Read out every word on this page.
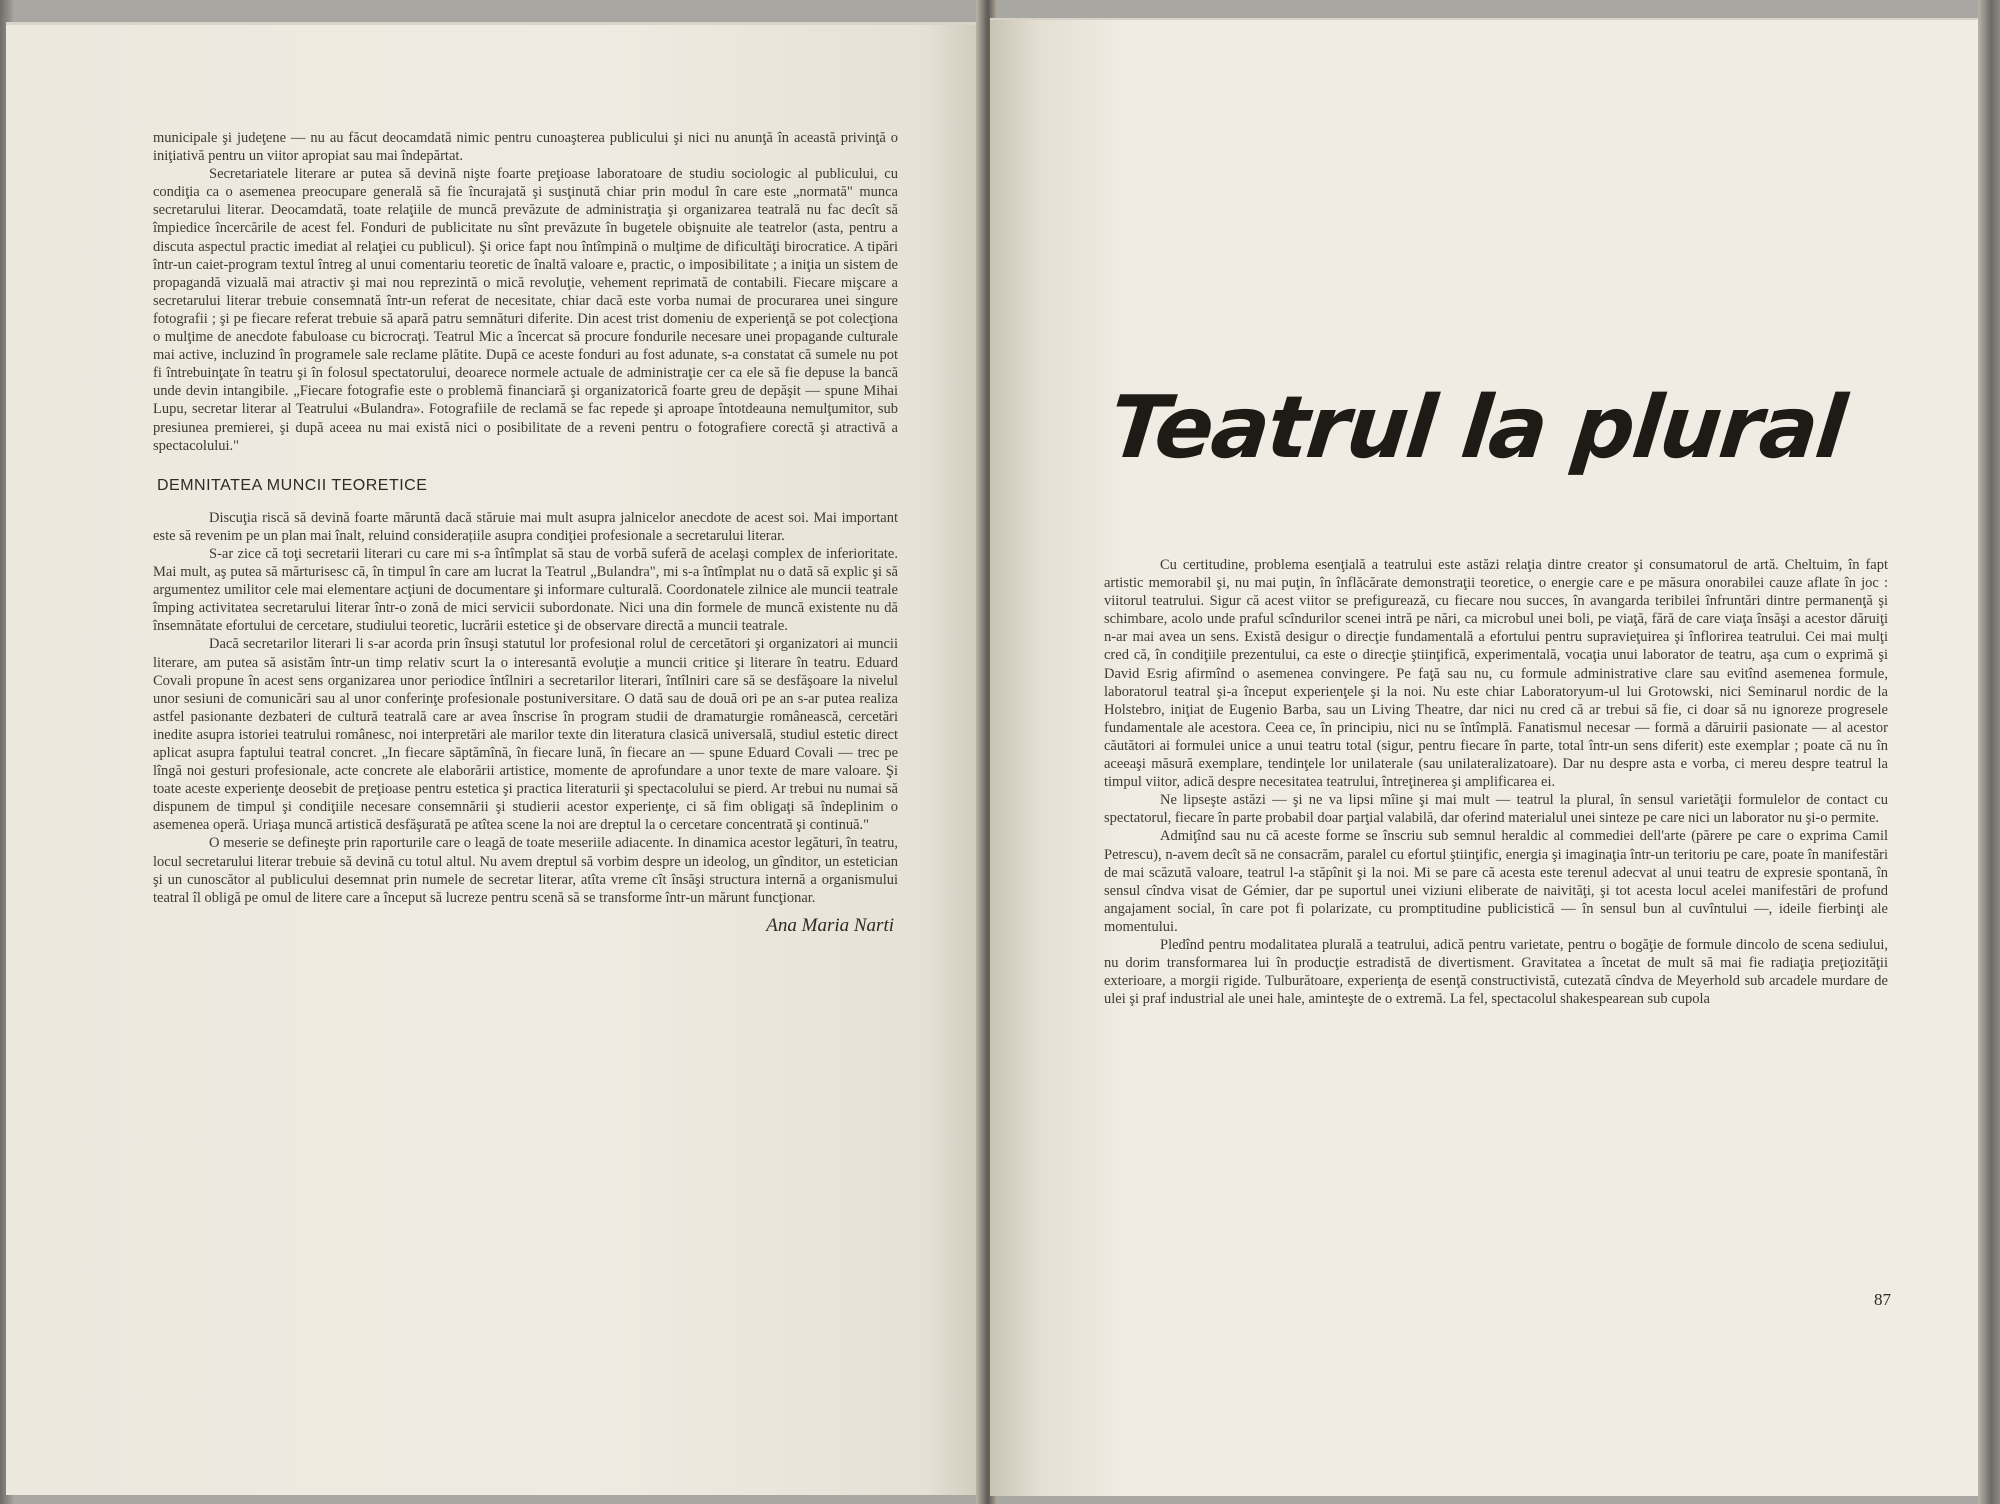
municipale şi judeţene — nu au făcut deocamdată nimic pentru cunoaşterea publicului şi nici nu anunţă în această privinţă o iniţiativă pentru un viitor apropiat sau mai îndepărtat.

Secretariatele literare ar putea să devină nişte foarte preţioase laboratoare de studiu sociologic al publicului, cu condiţia ca o asemenea preocupare generală să fie încurajată şi susţinută chiar prin modul în care este „normată" munca secretarului literar. Deocamdată, toate relaţiile de muncă prevăzute de administraţia şi organizarea teatrală nu fac decît să împiedice încercările de acest fel. Fonduri de publicitate nu sînt prevăzute în bugetele obişnuite ale teatrelor (asta, pentru a discuta aspectul practic imediat al relaţiei cu publicul). Şi orice fapt nou întîmpină o mulţime de dificultăţi birocratice. A tipări într-un caiet-program textul întreg al unui comentariu teoretic de înaltă valoare e, practic, o imposibilitate ; a iniţia un sistem de propagandă vizuală mai atractiv şi mai nou reprezintă o mică revoluţie, vehement reprimată de contabili. Fiecare mişcare a secretarului literar trebuie consemnată într-un referat de necesitate, chiar dacă este vorba numai de procurarea unei singure fotografii ; şi pe fiecare referat trebuie să apară patru semnături diferite. Din acest trist domeniu de experienţă se pot colecţiona o mulţime de anecdote fabuloase cu bicrocraţi. Teatrul Mic a încercat să procure fondurile necesare unei propagande culturale mai active, incluzind în programele sale reclame plătite. După ce aceste fonduri au fost adunate, s-a constatat că sumele nu pot fi întrebuinţate în teatru şi în folosul spectatorului, deoarece normele actuale de administraţie cer ca ele să fie depuse la bancă unde devin intangibile. „Fiecare fotografie este o problemă financiară şi organizatorică foarte greu de depăşit — spune Mihai Lupu, secretar literar al Teatrului «Bulandra». Fotografiile de reclamă se fac repede şi aproape întotdeauna nemulţumitor, sub presiunea premierei, şi după aceea nu mai există nici o posibilitate de a reveni pentru o fotografiere corectă şi atractivă a spectacolului."

DEMNITATEA MUNCII TEORETICE

Discuţia riscă să devină foarte măruntă dacă stăruie mai mult asupra jalnicelor anecdote de acest soi. Mai important este să revenim pe un plan mai înalt, reluind considerațiile asupra condiţiei profesionale a secretarului literar.

S-ar zice că toţi secretarii literari cu care mi s-a întîmplat să stau de vorbă suferă de acelaşi complex de inferioritate. Mai mult, aş putea să mărturisesc că, în timpul în care am lucrat la Teatrul „Bulandra", mi s-a întîmplat nu o dată să explic şi să argumentez umilitor cele mai elementare acţiuni de documentare şi informare culturală. Coordonatele zilnice ale muncii teatrale împing activitatea secretarului literar într-o zonă de mici servicii subordonate. Nici una din formele de muncă existente nu dă însemnătate efortului de cercetare, studiului teoretic, lucrării estetice şi de observare directă a muncii teatrale.

Dacă secretarilor literari li s-ar acorda prin însuşi statutul lor profesional rolul de cercetători şi organizatori ai muncii literare, am putea să asistăm într-un timp relativ scurt la o interesantă evoluţie a muncii critice şi literare în teatru. Eduard Covali propune în acest sens organizarea unor periodice întîlniri a secretarilor literari, întîlniri care să se desfăşoare la nivelul unor sesiuni de comunicări sau al unor conferinţe profesionale postuniversitare. O dată sau de două ori pe an s-ar putea realiza astfel pasionante dezbateri de cultură teatrală care ar avea înscrise în program studii de dramaturgie românească, cercetări inedite asupra istoriei teatrului românesc, noi interpretări ale marilor texte din literatura clasică universală, studiul estetic direct aplicat asupra faptului teatral concret. „In fiecare săptămînă, în fiecare lună, în fiecare an — spune Eduard Covali — trec pe lîngă noi gesturi profesionale, acte concrete ale elaborării artistice, momente de aprofundare a unor texte de mare valoare. Şi toate aceste experienţe deosebit de preţioase pentru estetica şi practica literaturii şi spectacolului se pierd. Ar trebui nu numai să dispunem de timpul şi condiţiile necesare consemnării şi studierii acestor experienţe, ci să fim obligaţi să îndeplinim o asemenea operă. Uriaşa muncă artistică desfăşurată pe atîtea scene la noi are dreptul la o cercetare concentrată şi continuă."

O meserie se defineşte prin raporturile care o leagă de toate meseriile adiacente. In dinamica acestor legături, în teatru, locul secretarului literar trebuie să devină cu totul altul. Nu avem dreptul să vorbim despre un ideolog, un gînditor, un estetician şi un cunoscător al publicului desemnat prin numele de secretar literar, atîta vreme cît însăşi structura internă a organismului teatral îl obligă pe omul de litere care a început să lucreze pentru scenă să se transforme într-un mărunt funcţionar.

Ana Maria Narti

Cu certitudine, problema esenţială a teatrului este astăzi relaţia dintre creator şi consumatorul de artă. Cheltuim, în fapt artistic memorabil şi, nu mai puţin, în înflăcărate demonstraţii teoretice, o energie care e pe măsura onorabilei cauze aflate în joc : viitorul teatrului. Sigur că acest viitor se prefigurează, cu fiecare nou succes, în avangarda teribilei înfruntări dintre permanenţă şi schimbare, acolo unde praful scîndurilor scenei intră pe nări, ca microbul unei boli, pe viaţă, fără de care viaţa însăşi a acestor dăruiţi n-ar mai avea un sens. Există desigur o direcţie fundamentală a efortului pentru supravieţuirea şi înflorirea teatrului. Cei mai mulţi cred că, în condiţiile prezentului, ca este o direcţie ştiinţifică, experimentală, vocaţia unui laborator de teatru, aşa cum o exprimă şi David Esrig afirmînd o asemenea convingere. Pe faţă sau nu, cu formule administrative clare sau evitînd asemenea formule, laboratorul teatral şi-a început experienţele şi la noi. Nu este chiar Laboratoryum-ul lui Grotowski, nici Seminarul nordic de la Holstebro, iniţiat de Eugenio Barba, sau un Living Theatre, dar nici nu cred că ar trebui să fie, ci doar să nu ignoreze progresele fundamentale ale acestora. Ceea ce, în principiu, nici nu se întîmplă. Fanatismul necesar — formă a dăruirii pasionate — al acestor căutători ai formulei unice a unui teatru total (sigur, pentru fiecare în parte, total într-un sens diferit) este exemplar ; poate că nu în aceeaşi măsură exemplare, tendinţele lor unilaterale (sau unilateralizatoare). Dar nu despre asta e vorba, ci mereu despre teatrul la timpul viitor, adică despre necesitatea teatrului, întreţinerea şi amplificarea ei.

Ne lipseşte astăzi — şi ne va lipsi mîine şi mai mult — teatrul la plural, în sensul varietăţii formulelor de contact cu spectatorul, fiecare în parte probabil doar parţial valabilă, dar oferind materialul unei sinteze pe care nici un laborator nu şi-o permite.

Admiţînd sau nu că aceste forme se înscriu sub semnul heraldic al commediei dell'arte (părere pe care o exprima Camil Petrescu), n-avem decît să ne consacrăm, paralel cu efortul ştiinţific, energia şi imaginaţia într-un teritoriu pe care, poate în manifestări de mai scăzută valoare, teatrul l-a stăpînit şi la noi. Mi se pare că acesta este terenul adecvat al unui teatru de expresie spontană, în sensul cîndva visat de Gémier, dar pe suportul unei viziuni eliberate de naivităţi, şi tot acesta locul acelei manifestări de profund angajament social, în care pot fi polarizate, cu promptitudine publicistică — în sensul bun al cuvîntului —, ideile fierbinţi ale momentului.

Pledînd pentru modalitatea plurală a teatrului, adică pentru varietate, pentru o bogăţie de formule dincolo de scena sediului, nu dorim transformarea lui în producţie estradistă de divertisment. Gravitatea a încetat de mult să mai fie radiaţia preţiozităţii exterioare, a morgii rigide. Tulburătoare, experienţa de esenţă constructivistă, cutezată cîndva de Meyerhold sub arcadele murdare de ulei şi praf industrial ale unei hale, aminteşte de o extremă. La fel, spectacolul shakespearean sub cupola

87
Teatrul la plural
